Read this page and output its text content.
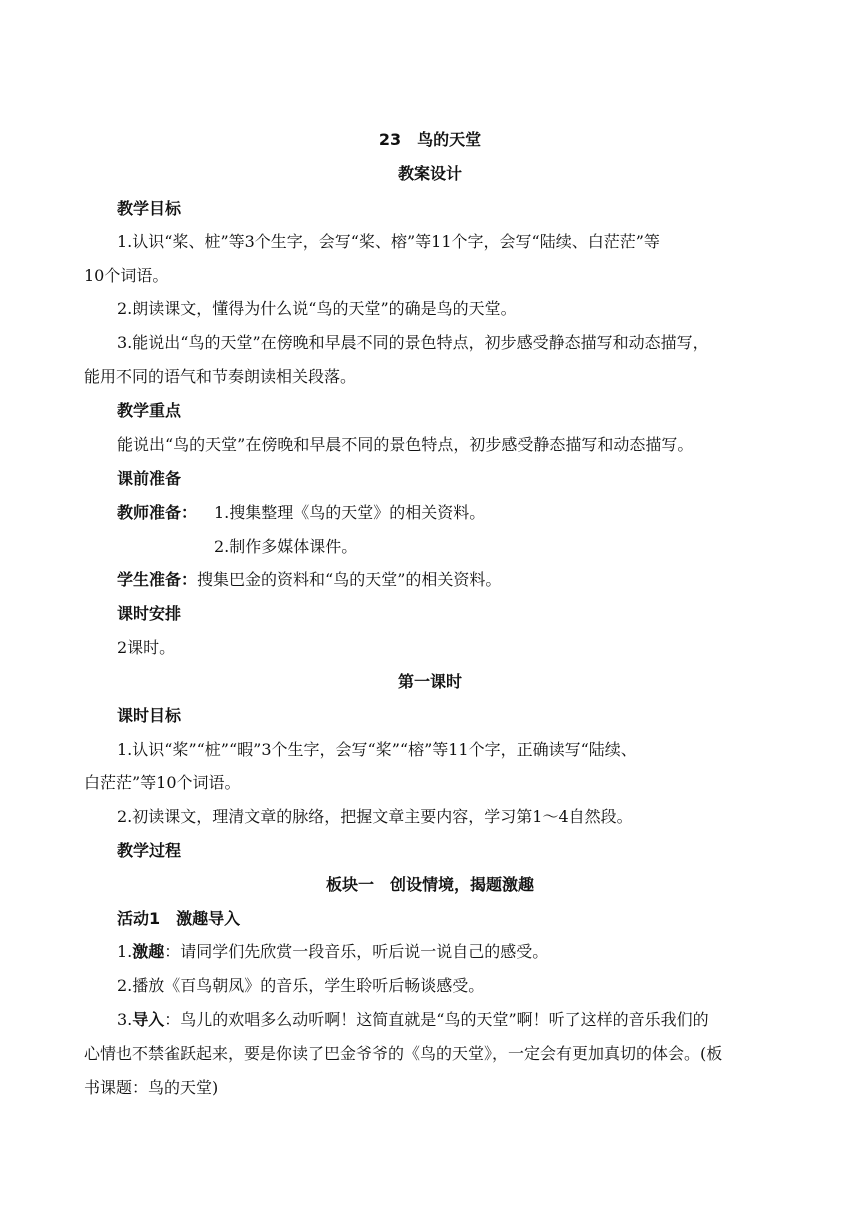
23　鸟的天堂
教案设计
教学目标
1.认识“桨、桩”等3个生字，会写“桨、榕”等11个字，会写“陆续、白茫茫”等
10个词语。
2.朗读课文，懂得为什么说“鸟的天堂”的确是鸟的天堂。
3.能说出“鸟的天堂”在傍晚和早晨不同的景色特点，初步感受静态描写和动态描写，
能用不同的语气和节奏朗读相关段落。
教学重点
能说出“鸟的天堂”在傍晚和早晨不同的景色特点，初步感受静态描写和动态描写。
课前准备
教师准备： 1.搜集整理《鸟的天堂》的相关资料。
2.制作多媒体课件。
学生准备：搜集巴金的资料和“鸟的天堂”的相关资料。
课时安排
2课时。
第一课时
课时目标
1.认识“桨”“桩”“暇”3个生字，会写“桨”“榕”等11个字，正确读写“陆续、
白茫茫”等10个词语。
2.初读课文，理清文章的脉络，把握文章主要内容，学习第1～4自然段。
教学过程
板块一　创设情境，揭题激趣
活动1　激趣导入
1.激趣：请同学们先欣赏一段音乐，听后说一说自己的感受。
2.播放《百鸟朝凤》的音乐，学生聆听后畅谈感受。
3.导入：鸟儿的欢唱多么动听啊！这简直就是“鸟的天堂”啊！听了这样的音乐我们的
心情也不禁雀跃起来，要是你读了巴金爷爷的《鸟的天堂》，一定会有更加真切的体会。(板
书课题：鸟的天堂)
